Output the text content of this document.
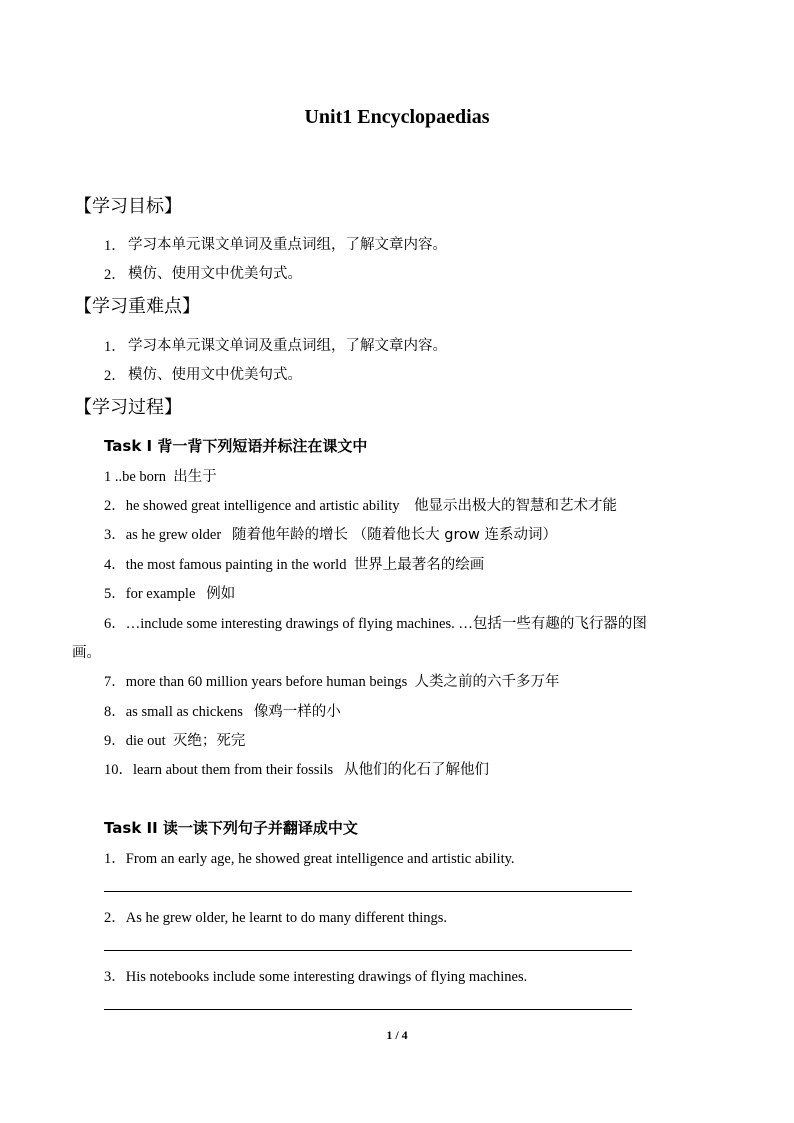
Unit1 Encyclopaedias
【学习目标】
1． 学习本单元课文单词及重点词组，了解文章内容。
2． 模仿、使用文中优美句式。
【学习重难点】
1． 学习本单元课文单词及重点词组，了解文章内容。
2． 模仿、使用文中优美句式。
【学习过程】
Task I 背一背下列短语并标注在课文中
1 ..be born 出生于
2．he showed great intelligence and artistic ability 他显示出极大的智慧和艺术才能
3．as he grew older 随着他年龄的增长 （随着他长大 grow 连系动词）
4．the most famous painting in the world 世界上最著名的绘画
5．for example 例如
6．…include some interesting drawings of flying machines. …包括一些有趣的飞行器的图
画。
7．more than 60 million years before human beings 人类之前的六千多万年
8．as small as chickens 像鸡一样的小
9．die out 灭绝；死完
10．learn about them from their fossils 从他们的化石了解他们
Task II 读一读下列句子并翻译成中文
1．From an early age, he showed great intelligence and artistic ability.
2．As he grew older, he learnt to do many different things.
3．His notebooks include some interesting drawings of flying machines.
1 / 4
